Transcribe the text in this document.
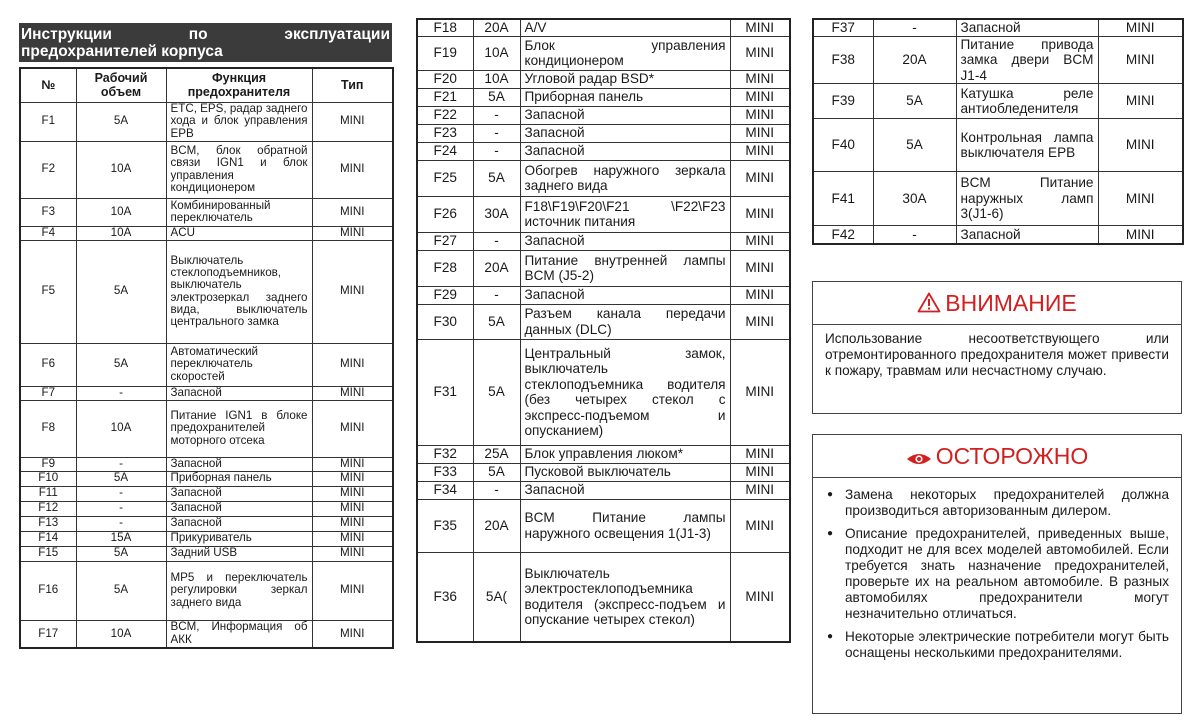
Инструкции по эксплуатации
предохранителей корпуса
№	Рабочий объем	Функция предохранителя	Тип
F1	5A	ETC, EPS, радар заднего хода и блок управления EPB	MINI
F2	10A	BCM, блок обратной связи IGN1 и блок управления кондиционером	MINI
F3	10A	Комбинированный переключатель	MINI
F4	10A	ACU	MINI
F5	5A	Выключатель стеклоподъемников, выключатель электрозеркал заднего вида, выключатель центрального замка	MINI
F6	5A	Автоматический переключатель скоростей	MINI
F7	-	Запасной	MINI
F8	10A	Питание IGN1 в блоке предохранителей моторного отсека	MINI
F9	-	Запасной	MINI
F10	5A	Приборная панель	MINI
F11	-	Запасной	MINI
F12	-	Запасной	MINI
F13	-	Запасной	MINI
F14	15A	Прикуриватель	MINI
F15	5A	Задний USB	MINI
F16	5A	MP5 и переключатель регулировки зеркал заднего вида	MINI
F17	10A	BCM, Информация об АКК	MINI
F18	20A	A/V	MINI
F19	10A	Блок управления кондиционером	MINI
F20	10A	Угловой радар BSD*	MINI
F21	5A	Приборная панель	MINI
F22	-	Запасной	MINI
F23	-	Запасной	MINI
F24	-	Запасной	MINI
F25	5A	Обогрев наружного зеркала заднего вида	MINI
F26	30A	F18\F19\F20\F21 \F22\F23 источник питания	MINI
F27	-	Запасной	MINI
F28	20A	Питание внутренней лампы BCM (J5-2)	MINI
F29	-	Запасной	MINI
F30	5A	Разъем канала передачи данных (DLC)	MINI
F31	5A	Центральный замок, выключатель стеклоподъемника водителя (без четырех стекол с экспресс-подъемом и опусканием)	MINI
F32	25A	Блок управления люком*	MINI
F33	5A	Пусковой выключатель	MINI
F34	-	Запасной	MINI
F35	20A	BCM Питание лампы наружного освещения 1(J1-3)	MINI
F36	5A(	Выключатель электростеклоподъемника водителя (экспресс-подъем и опускание четырех стекол)	MINI
F37	-	Запасной	MINI
F38	20A	Питание привода замка двери BCM J1-4	MINI
F39	5A	Катушка реле антиобледенителя	MINI
F40	5A	Контрольная лампа выключателя EPB	MINI
F41	30A	BCM Питание наружных ламп 3(J1-6)	MINI
F42	-	Запасной	MINI
ВНИМАНИЕ
Использование несоответствующего или отремонтированного предохранителя может привести к пожару, травмам или несчастному случаю.
ОСТОРОЖНО
● Замена некоторых предохранителей должна производиться авторизованным дилером.
● Описание предохранителей, приведенных выше, подходит не для всех моделей автомобилей. Если требуется знать назначение предохранителей, проверьте их на реальном автомобиле. В разных автомобилях предохранители могут незначительно отличаться.
● Некоторые электрические потребители могут быть оснащены несколькими предохранителями.
